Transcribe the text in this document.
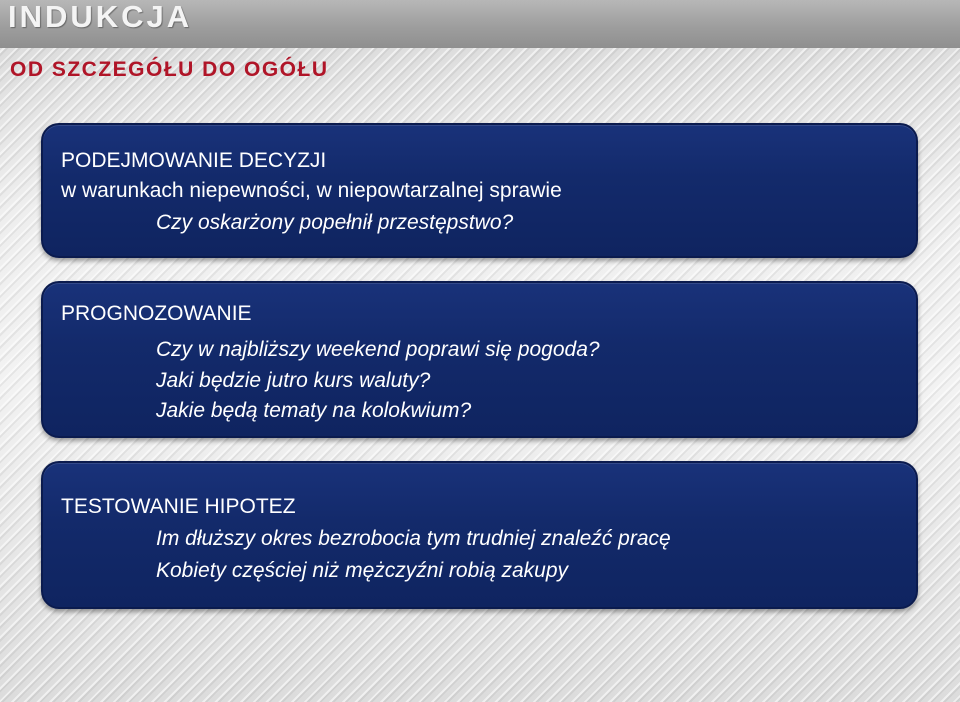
INDUKCJA
OD SZCZEGÓŁU DO OGÓŁU

PODEJMOWANIE DECYZJI

w warunkach niepewności, w niepowtarzalnej sprawie

Czy oskarżony popełnił przestępstwo?

PROGNOZOWANIE

Czy w najbliższy weekend poprawi się pogoda?

Jaki będzie jutro kurs waluty?

Jakie będą tematy na kolokwium?

TESTOWANIE HIPOTEZ

Im dłuższy okres bezrobocia tym trudniej znaleźć pracę

Kobiety częściej niż mężczyźni robią zakupy
